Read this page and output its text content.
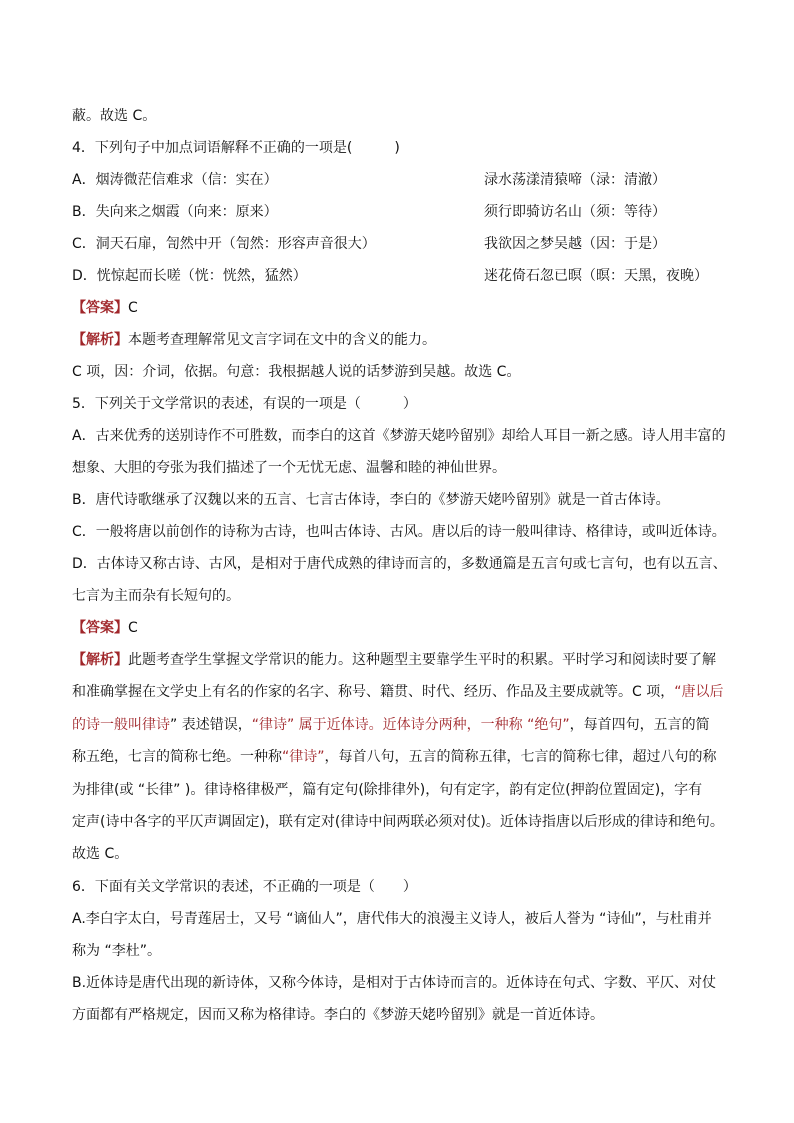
蔽。故选 C。

4．下列句子中加点词语解释不正确的一项是(　　　)

A．烟涛微茫信难求（信：实在）	渌水荡漾清猿啼（渌：清澈）
B．失向来之烟霞（向来：原来）	须行即骑访名山（须：等待）
C．洞天石扉，訇然中开（訇然：形容声音很大）	我欲因之梦吴越（因：于是）
D．恍惊起而长嗟（恍：恍然，猛然）	迷花倚石忽已暝（暝：天黑，夜晚）

【答案】C

【解析】本题考查理解常见文言字词在文中的含义的能力。

C 项，因：介词，依据。句意：我根据越人说的话梦游到吴越。故选 C。

5．下列关于文学常识的表述，有误的一项是（　　　）

A．古来优秀的送别诗作不可胜数，而李白的这首《梦游天姥吟留别》却给人耳目一新之感。诗人用丰富的

想象、大胆的夸张为我们描述了一个无忧无虑、温馨和睦的神仙世界。

B．唐代诗歌继承了汉魏以来的五言、七言古体诗，李白的《梦游天姥吟留别》就是一首古体诗。

C．一般将唐以前创作的诗称为古诗，也叫古体诗、古风。唐以后的诗一般叫律诗、格律诗，或叫近体诗。

D．古体诗又称古诗、古风，是相对于唐代成熟的律诗而言的，多数通篇是五言句或七言句，也有以五言、

七言为主而杂有长短句的。

【答案】C

【解析】此题考查学生掌握文学常识的能力。这种题型主要靠学生平时的积累。平时学习和阅读时要了解

和准确掌握在文学史上有名的作家的名字、称号、籍贯、时代、经历、作品及主要成就等。C 项，“唐以后

的诗一般叫律诗” 表述错误，“律诗” 属于近体诗。近体诗分两种，一种称 “绝句”，每首四句，五言的简

称五绝，七言的简称七绝。一种称“律诗”，每首八句，五言的简称五律，七言的简称七律，超过八句的称

为排律(或 “长律” )。律诗格律极严，篇有定句(除排律外)，句有定字，韵有定位(押韵位置固定)，字有

定声(诗中各字的平仄声调固定)，联有定对(律诗中间两联必须对仗)。近体诗指唐以后形成的律诗和绝句。

故选 C。

6．下面有关文学常识的表述，不正确的一项是（　　）

A.李白字太白，号青莲居士，又号 “谪仙人”，唐代伟大的浪漫主义诗人，被后人誉为 “诗仙”，与杜甫并

称为 “李杜”。

B.近体诗是唐代出现的新诗体，又称今体诗，是相对于古体诗而言的。近体诗在句式、字数、平仄、对仗

方面都有严格规定，因而又称为格律诗。李白的《梦游天姥吟留别》就是一首近体诗。
